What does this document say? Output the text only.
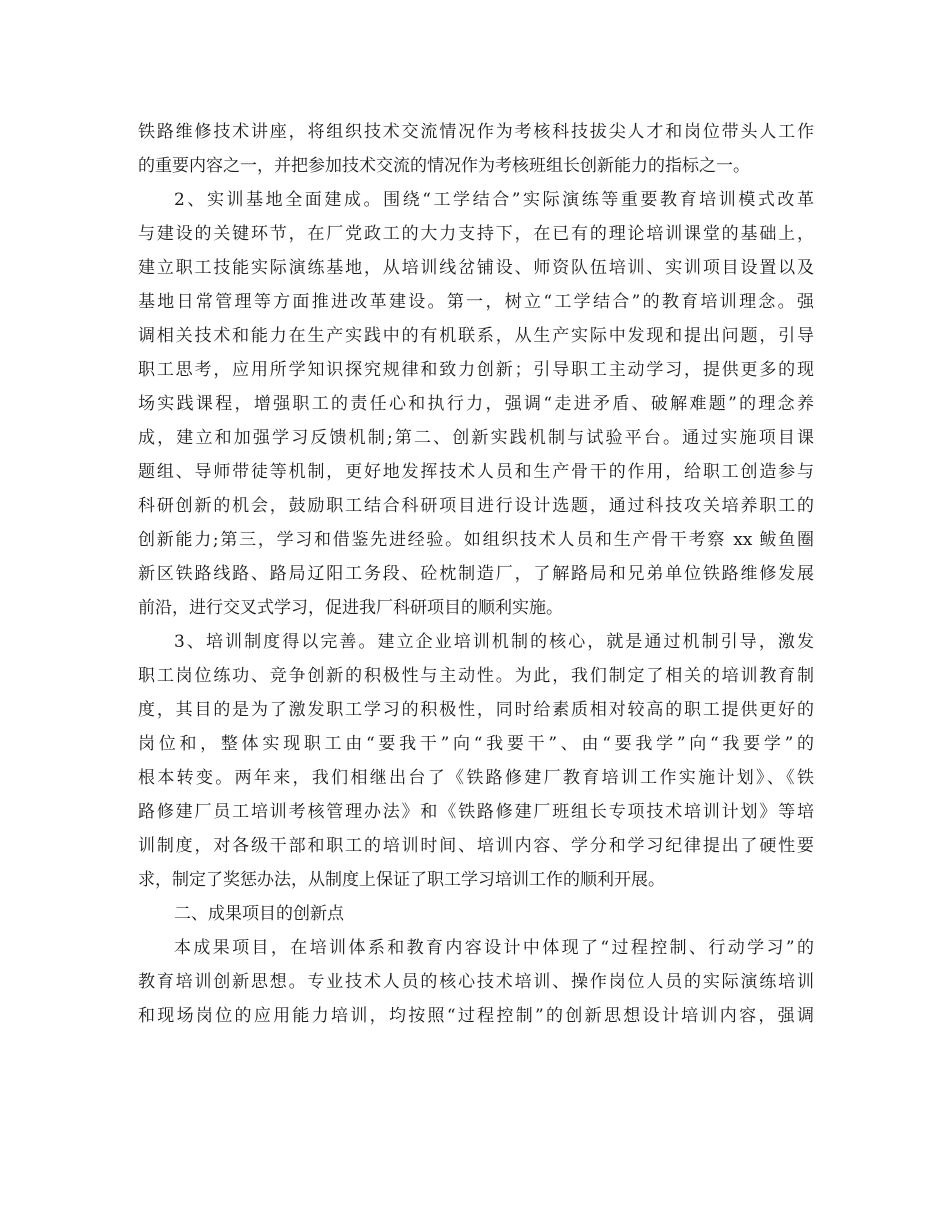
铁路维修技术讲座，将组织技术交流情况作为考核科技拔尖人才和岗位带头人工作
的重要内容之一，并把参加技术交流的情况作为考核班组长创新能力的指标之一。
2、实训基地全面建成。围绕“工学结合”实际演练等重要教育培训模式改革
与建设的关键环节，在厂党政工的大力支持下，在已有的理论培训课堂的基础上，
建立职工技能实际演练基地，从培训线岔铺设、师资队伍培训、实训项目设置以及
基地日常管理等方面推进改革建设。第一，树立“工学结合”的教育培训理念。强
调相关技术和能力在生产实践中的有机联系，从生产实际中发现和提出问题，引导
职工思考，应用所学知识探究规律和致力创新；引导职工主动学习，提供更多的现
场实践课程，增强职工的责任心和执行力，强调“走进矛盾、破解难题”的理念养
成，建立和加强学习反馈机制;第二、创新实践机制与试验平台。通过实施项目课
题组、导师带徒等机制，更好地发挥技术人员和生产骨干的作用，给职工创造参与
科研创新的机会，鼓励职工结合科研项目进行设计选题，通过科技攻关培养职工的
创新能力;第三，学习和借鉴先进经验。如组织技术人员和生产骨干考察 xx 鲅鱼圈
新区铁路线路、路局辽阳工务段、砼枕制造厂，了解路局和兄弟单位铁路维修发展
前沿，进行交叉式学习，促进我厂科研项目的顺利实施。
3、培训制度得以完善。建立企业培训机制的核心，就是通过机制引导，激发
职工岗位练功、竞争创新的积极性与主动性。为此，我们制定了相关的培训教育制
度，其目的是为了激发职工学习的积极性，同时给素质相对较高的职工提供更好的
岗位和，整体实现职工由“要我干”向“我要干”、由“要我学”向“我要学”的
根本转变。两年来，我们相继出台了《铁路修建厂教育培训工作实施计划》、《铁
路修建厂员工培训考核管理办法》和《铁路修建厂班组长专项技术培训计划》等培
训制度，对各级干部和职工的培训时间、培训内容、学分和学习纪律提出了硬性要
求，制定了奖惩办法，从制度上保证了职工学习培训工作的顺利开展。
二、成果项目的创新点
本成果项目，在培训体系和教育内容设计中体现了“过程控制、行动学习”的
教育培训创新思想。专业技术人员的核心技术培训、操作岗位人员的实际演练培训
和现场岗位的应用能力培训，均按照“过程控制”的创新思想设计培训内容，强调
